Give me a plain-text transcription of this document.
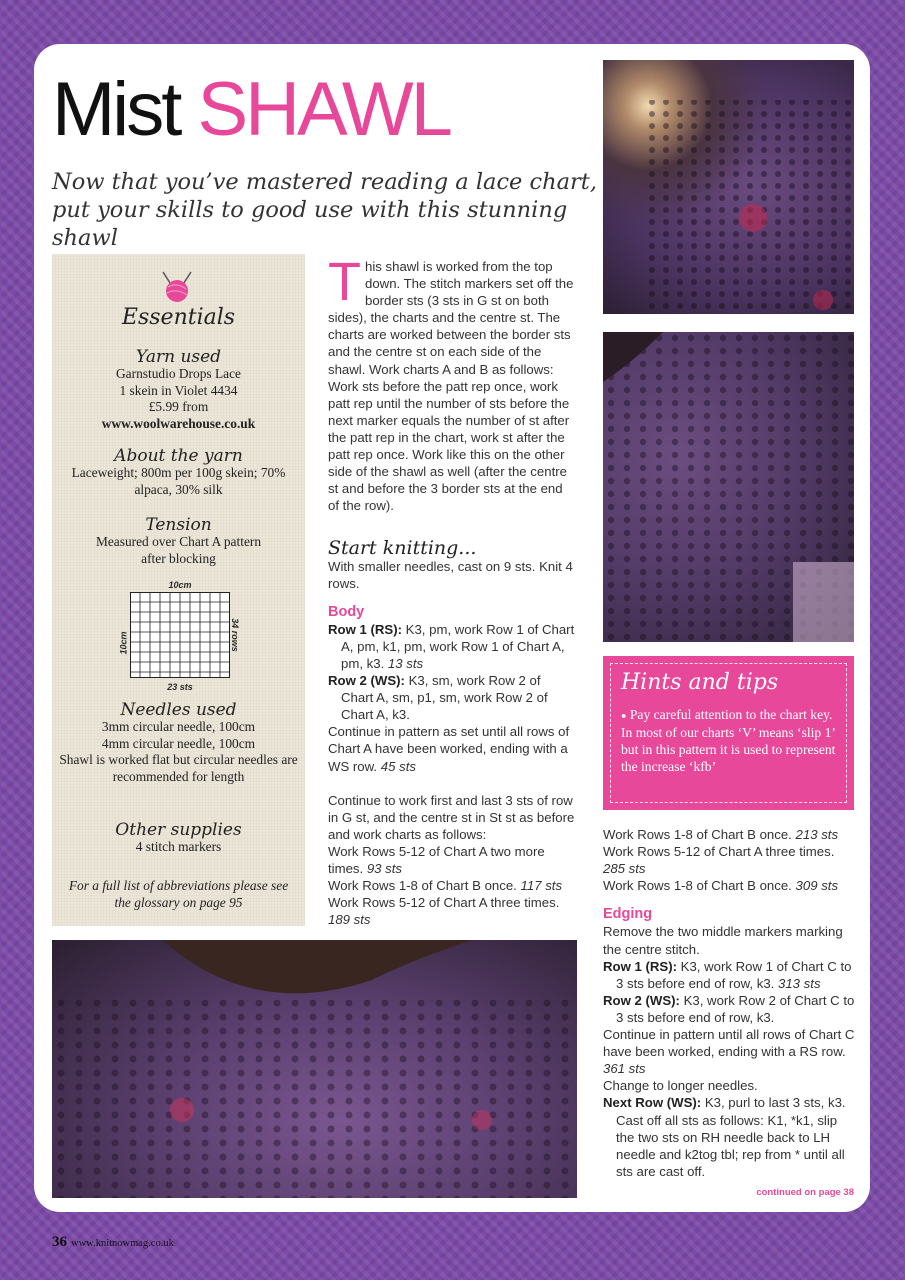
Mist SHAWL
Now that you’ve mastered reading a lace chart, put your skills to good use with this stunning shawl
Essentials
Yarn used

Garnstudio Drops Lace

1 skein in Violet 4434

£5.99 from

www.woolwarehouse.co.uk

About the yarn

Laceweight; 800m per 100g skein; 70% alpaca, 30% silk

Tension

Measured over Chart A pattern after blocking

Needles used

3mm circular needle, 100cm

4mm circular needle, 100cm

Shawl is worked flat but circular needles are recommended for length

Other supplies

4 stitch markers

For a full list of abbreviations please see the glossary on page 95

10cm
10cm	34 rows
23 sts

This shawl is worked from the top down. The stitch markers set off the border sts (3 sts in G st on both sides), the charts and the centre st. The charts are worked between the border sts and the centre st on each side of the shawl. Work charts A and B as follows: Work sts before the patt rep once, work patt rep until the number of sts before the next marker equals the number of st after the patt rep in the chart, work st after the patt rep once. Work like this on the other side of the shawl as well (after the centre st and before the 3 border sts at the end of the row).

Start knitting...

With smaller needles, cast on 9 sts. Knit 4 rows.

Body

Row 1 (RS): K3, pm, work Row 1 of Chart A, pm, k1, pm, work Row 1 of Chart A, pm, k3. 13 sts

Row 2 (WS): K3, sm, work Row 2 of Chart A, sm, p1, sm, work Row 2 of Chart A, k3.

Continue in pattern as set until all rows of Chart A have been worked, ending with a WS row. 45 sts

Continue to work first and last 3 sts of row in G st, and the centre st in St st as before and work charts as follows:

Work Rows 5-12 of Chart A two more times. 93 sts

Work Rows 1-8 of Chart B once. 117 sts

Work Rows 5-12 of Chart A three times. 189 sts

Hints and tips

● Pay careful attention to the chart key. In most of our charts ‘V’ means ‘slip 1’ but in this pattern it is used to represent the increase ‘kfb’

Work Rows 1-8 of Chart B once. 213 sts

Work Rows 5-12 of Chart A three times. 285 sts

Work Rows 1-8 of Chart B once. 309 sts

Edging

Remove the two middle markers marking the centre stitch.

Row 1 (RS): K3, work Row 1 of Chart C to 3 sts before end of row, k3. 313 sts

Row 2 (WS): K3, work Row 2 of Chart C to 3 sts before end of row, k3.

Continue in pattern until all rows of Chart C have been worked, ending with a RS row. 361 sts

Change to longer needles.

Next Row (WS): K3, purl to last 3 sts, k3. Cast off all sts as follows: K1, *k1, slip the two sts on RH needle back to LH needle and k2tog tbl; rep from * until all sts are cast off.

continued on page 38
36 www.knitnowmag.co.uk
